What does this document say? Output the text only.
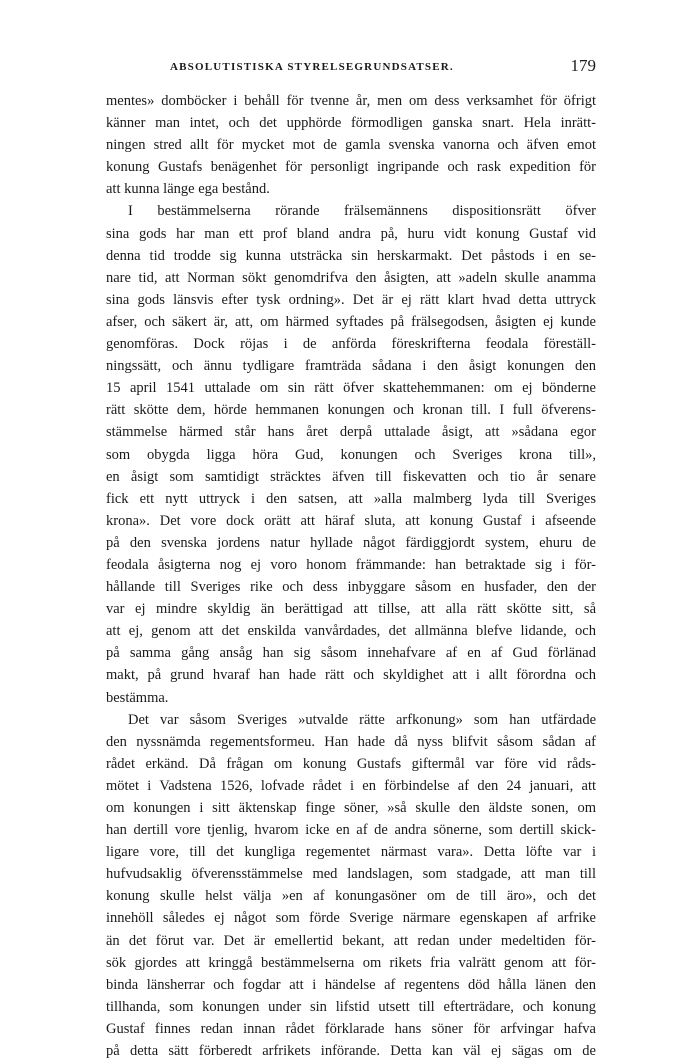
ABSOLUTISTISKA STYRELSEGRUNDSATSER.	179
mentes» domböcker i behåll för tvenne år, men om dess verksamhet för öfrigt
känner man intet, och det upphörde förmodligen ganska snart. Hela inrätt-
ningen stred allt för mycket mot de gamla svenska vanorna och äfven emot
konung Gustafs benägenhet för personligt ingripande och rask expedition för
att kunna länge ega bestånd.
I bestämmelserna rörande frälsemännens dispositionsrätt öfver
sina gods har man ett prof bland andra på, huru vidt konung Gustaf vid
denna tid trodde sig kunna utsträcka sin herskarmakt. Det påstods i en se-
nare tid, att Norman sökt genomdrifva den åsigten, att »adeln skulle anamma
sina gods länsvis efter tysk ordning». Det är ej rätt klart hvad detta uttryck
afser, och säkert är, att, om härmed syftades på frälsegodsen, åsigten ej kunde
genomföras. Dock röjas i de anförda föreskrifterna feodala föreställ-
ningssätt, och ännu tydligare framträda sådana i den åsigt konungen den
15 april 1541 uttalade om sin rätt öfver skattehemmanen: om ej bönderne
rätt skötte dem, hörde hemmanen konungen och kronan till. I full öfverens-
stämmelse härmed står hans året derpå uttalade åsigt, att »sådana egor
som obygda ligga höra Gud, konungen och Sveriges krona till»,
en åsigt som samtidigt sträcktes äfven till fiskevatten och tio år senare
fick ett nytt uttryck i den satsen, att »alla malmberg lyda till Sveriges
krona». Det vore dock orätt att häraf sluta, att konung Gustaf i afseende
på den svenska jordens natur hyllade något färdiggjordt system, ehuru de
feodala åsigterna nog ej voro honom främmande: han betraktade sig i för-
hållande till Sveriges rike och dess inbyggare såsom en husfader, den der
var ej mindre skyldig än berättigad att tillse, att alla rätt skötte sitt, så
att ej, genom att det enskilda vanvårdades, det allmänna blefve lidande, och
på samma gång ansåg han sig såsom innehafvare af en af Gud förlänad
makt, på grund hvaraf han hade rätt och skyldighet att i allt förordna och
bestämma.
Det var såsom Sveriges »utvalde rätte arfkonung» som han utfärdade
den nyssnämda regementsformeu. Han hade då nyss blifvit såsom sådan af
rådet erkänd. Då frågan om konung Gustafs giftermål var före vid råds-
mötet i Vadstena 1526, lofvade rådet i en förbindelse af den 24 januari, att
om konungen i sitt äktenskap finge söner, »så skulle den äldste sonen, om
han dertill vore tjenlig, hvarom icke en af de andra sönerne, som dertill skick-
ligare vore, till det kungliga regementet närmast vara». Detta löfte var i
hufvudsaklig öfverensstämmelse med landslagen, som stadgade, att man till
konung skulle helst välja »en af konungasöner om de till äro», och det
innehöll således ej något som förde Sverige närmare egenskapen af arfrike
än det förut var. Det är emellertid bekant, att redan under medeltiden för-
sök gjordes att kringgå bestämmelserna om rikets fria valrätt genom att för-
binda länsherrar och fogdar att i händelse af regentens död hålla länen den
tillhanda, som konungen under sin lifstid utsett till efterträdare, och konung
Gustaf finnes redan innan rådet förklarade hans söner för arfvingar hafva
på detta sätt förberedt arfrikets införande. Detta kan väl ej sägas om de
